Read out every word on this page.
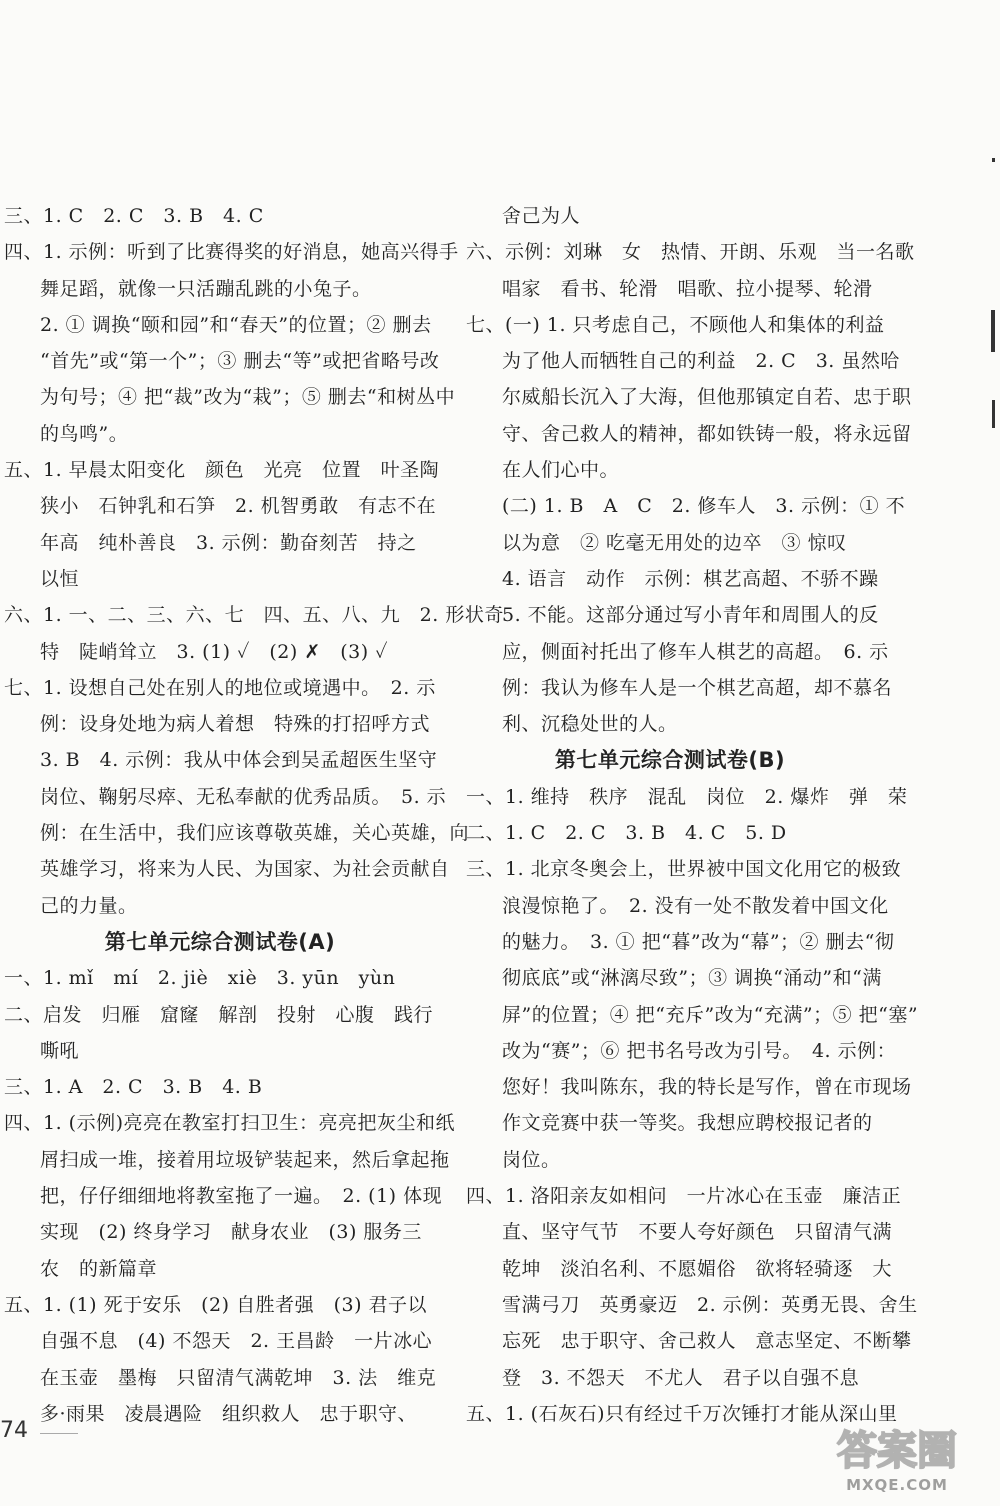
三、1. C　2. C　3. B　4. C
四、1. 示例：听到了比赛得奖的好消息，她高兴得手
舞足蹈，就像一只活蹦乱跳的小兔子。
2. ① 调换“颐和园”和“春天”的位置；② 删去
“首先”或“第一个”；③ 删去“等”或把省略号改
为句号；④ 把“裁”改为“栽”；⑤ 删去“和树丛中
的鸟鸣”。
五、1. 早晨太阳变化　颜色　光亮　位置　叶圣陶
狭小　石钟乳和石笋　2. 机智勇敢　有志不在
年高　纯朴善良　3. 示例：勤奋刻苦　持之
以恒
六、1. 一、二、三、六、七　四、五、八、九　2. 形状奇
特　陡峭耸立　3. (1) ✓　(2) ✗　(3) ✓
七、1. 设想自己处在别人的地位或境遇中。　2. 示
例：设身处地为病人着想　特殊的打招呼方式
3. B　4. 示例：我从中体会到吴孟超医生坚守
岗位、鞠躬尽瘁、无私奉献的优秀品质。　5. 示
例：在生活中，我们应该尊敬英雄，关心英雄，向
英雄学习，将来为人民、为国家、为社会贡献自
己的力量。
第七单元综合测试卷(A)
一、1. mǐ　mí　2. jiè　xiè　3. yūn　yùn
二、启发　归雁　窟窿　解剖　投射　心腹　践行
嘶吼
三、1. A　2. C　3. B　4. B
四、1. (示例)亮亮在教室打扫卫生：亮亮把灰尘和纸
屑扫成一堆，接着用垃圾铲装起来，然后拿起拖
把，仔仔细细地将教室拖了一遍。　2. (1) 体现
实现　(2) 终身学习　献身农业　(3) 服务三
农　的新篇章
五、1. (1) 死于安乐　(2) 自胜者强　(3) 君子以
自强不息　(4) 不怨天　2. 王昌龄　一片冰心
在玉壶　墨梅　只留清气满乾坤　3. 法　维克
多·雨果　凌晨遇险　组织救人　忠于职守、
舍己为人
六、示例：刘琳　女　热情、开朗、乐观　当一名歌
唱家　看书、轮滑　唱歌、拉小提琴、轮滑
七、(一) 1. 只考虑自己，不顾他人和集体的利益
为了他人而牺牲自己的利益　2. C　3. 虽然哈
尔威船长沉入了大海，但他那镇定自若、忠于职
守、舍己救人的精神，都如铁铸一般，将永远留
在人们心中。
(二) 1. B　A　C　2. 修车人　3. 示例：① 不
以为意　② 吃毫无用处的边卒　③ 惊叹
4. 语言　动作　示例：棋艺高超、不骄不躁
5. 不能。这部分通过写小青年和周围人的反
应，侧面衬托出了修车人棋艺的高超。　6. 示
例：我认为修车人是一个棋艺高超，却不慕名
利、沉稳处世的人。
第七单元综合测试卷(B)
一、1. 维持　秩序　混乱　岗位　2. 爆炸　弹　荣
二、1. C　2. C　3. B　4. C　5. D
三、1. 北京冬奥会上，世界被中国文化用它的极致
浪漫惊艳了。　2. 没有一处不散发着中国文化
的魅力。　3. ① 把“暮”改为“幕”；② 删去“彻
彻底底”或“淋漓尽致”；③ 调换“涌动”和“满
屏”的位置；④ 把“充斥”改为“充满”；⑤ 把“塞”
改为“赛”；⑥ 把书名号改为引号。　4. 示例：
您好！我叫陈东，我的特长是写作，曾在市现场
作文竞赛中获一等奖。我想应聘校报记者的
岗位。
四、1. 洛阳亲友如相问　一片冰心在玉壶　廉洁正
直、坚守气节　不要人夸好颜色　只留清气满
乾坤　淡泊名利、不愿媚俗　欲将轻骑逐　大
雪满弓刀　英勇豪迈　2. 示例：英勇无畏、舍生
忘死　忠于职守、舍己救人　意志坚定、不断攀
登　3. 不怨天　不尤人　君子以自强不息
五、1. (石灰石)只有经过千万次锤打才能从深山里
74	答案圈
MXQE.COM
